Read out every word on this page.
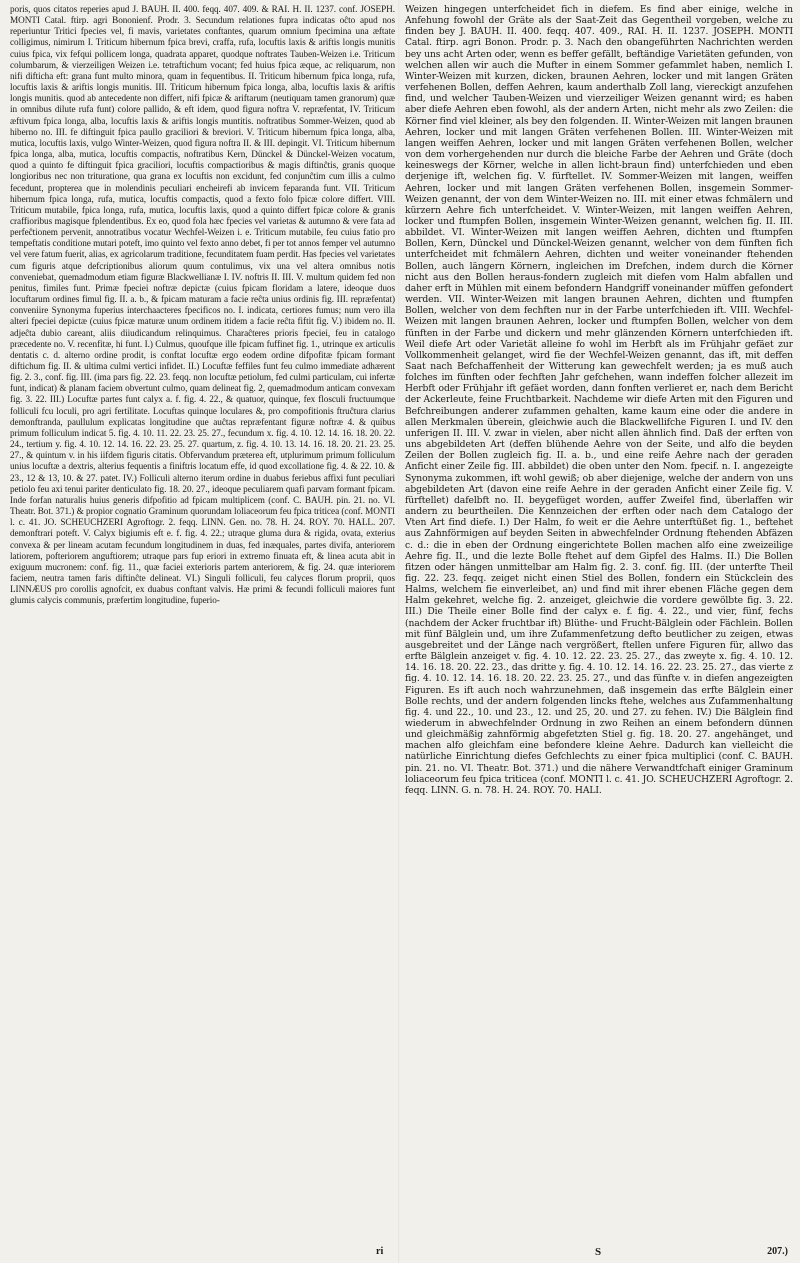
poris, quos citatos reperies apud J. BAUH. II. 400. feqq. 407. 409. & RAI. H. II. 1237. conf. JOSEPH. MONTI Catal. ftirp. agri Bononienf. Prodr. 3. Secundum relationes fupra indicatas oĉto apud nos reperiuntur Tritici fpecies vel, fi mavis, varietates conftantes, quarum omnium fpecimina una æftate colligimus, nimirum I. Triticum hibernum fpica brevi, craffa, rufa, locuftis laxis & ariftis longis munitis cuius fpica, vix fefqui pollicem longa, quadrata apparet, quodque noftrates Tauben-Weizen i.e. Triticum columbarum, & vierzeiligen Weizen i.e. tetraftichum vocant; fed huius fpica æque, ac reliquarum, non nifi difticha eft: grana funt multo minora, quam in fequentibus. II. Triticum hibernum fpica longa, rufa, locuftis laxis & ariftis longis munitis. III. Triticum hibernum fpica longa, alba, locuftis laxis & ariftis longis munitis. quod ab antecedente non differt, nifi fpicæ & ariftarum (neutiquam tamen granorum) quæ in omnibus dilute rufa funt) colore pallido, & eft idem, quod figura noftra V. repræfentat, IV. Triticum æftivum fpica longa, alba, locuftis laxis & ariftis longis muntitis. noftratibus Sommer-Weizen, quod ab hiberno no. III. fe diftinguit fpica paullo graciliori & breviori. V. Triticum hibernum fpica longa, alba, mutica, locuftis laxis, vulgo Winter-Weizen, quod figura noftra II. & III. depingit. VI. Triticum hibernum fpica longa, alba, mutica, locuftis compactis, noftratibus Kern, Dünckel & Dünckel-Weizen vocatum, quod a quinto fe diftinguit fpica graciliori, locuftis compactioribus & magis diftinĉtis, granis quoque longioribus nec non trituratione, qua grana ex locuftis non excidunt, fed conjunĉtim cum illis a culmo fecedunt, propterea que in molendinis peculiari encheirefi ab invicem feparanda funt. VII. Triticum hibernum fpica longa, rufa, mutica, locuftis compactis, quod a fexto folo fpicæ colore differt. VIII. Triticum mutabile, fpica longa, rufa, mutica, locuftis laxis, quod a quinto differt fpicæ colore & granis craffioribus magisque fplendentibus. Ex eo, quod fola hæc fpecies vel varietas & autumno & vere fata ad perfeĉtionem pervenit, annotratibus vocatur Wechfel-Weizen i. e. Triticum mutabile, feu cuius fatio pro tempeftatis conditione mutari poteft, imo quinto vel fexto anno debet, fi per tot annos femper vel autumno vel vere fatum fuerit, alias, ex agricolarum traditione, fecunditatem fuam perdit. Has fpecies vel varietates cum figuris atque defcriptionibus aliorum quum contulimus, vix una vel altera omnibus notis conveniebat, quemadmodum etiam figuræ Blackwellianæ I. IV. noftris II. III. V. multum quidem fed non penitus, fimiles funt. Primæ fpeciei noftræ depictæ (cuius fpicam floridam a latere, ideoque duos locuftarum ordines fimul fig. II. a. b., & fpicam maturam a facie reĉta unius ordinis fig. III. repræfentat) conveniire Synonyma fuperius interchaacteres fpecificos no. I. indicata, certiores fumus; num vero illa alteri fpeciei depictæ (cuius fpicæ maturæ unum ordinem itidem a facie reĉta fiftit fig. V.) ibidem no. II. adjeĉta dubio careant, aliis diiudicandum relinquimus. Charaĉteres prioris fpeciei, feu in catalogo præcedente no. V. recenfitæ, hi funt. I.) Culmus, quoufque ille fpicam fuffinet fig. 1., utrinque ex articulis dentatis c. d. alterno ordine prodit, is conftat locuftæ ergo eodem ordine difpofitæ fpicam formant diftichum fig. II. & ultima culmi vertici infidet. II.) Locuftæ feffiles funt feu culmo immediate adhærent fig. 2. 3., conf. fig. III. (ima pars fig. 22. 23. feqq. non locuftæ petiolum, fed culmi particulam, cui infertæ funt, indicat) & planam faciem obvertunt culmo, quam delineat fig. 2, quemadmodum anticam convexam fig. 3. 22. III.) Locuftæ partes funt calyx a. f. fig. 4. 22., & quatuor, quinque, fex flosculi fructuumque folliculi fcu loculi, pro agri fertilitate. Locuftas quinque loculares &, pro compofitionis ftruĉtura clarius demonftranda, paullulum explicatas longitudine que auĉtas repræfentant figuræ noftræ 4. & quibus primum folliculum indicat 5. fig. 4. 10. 11. 22. 23. 25. 27., fecundum x. fig. 4. 10. 12. 14. 16. 18. 20. 22. 24., tertium y. fig. 4. 10. 12. 14. 16. 22. 23. 25. 27. quartum, z. fig. 4. 10. 13. 14. 16. 18. 20. 21. 23. 25. 27., & quintum v. in his iifdem figuris citatis. Obfervandum præterea eft, utplurimum primum folliculum unius locuftæ a dextris, alterius fequentis a finiftris locatum effe, id quod excollatione fig. 4. & 22. 10. & 23., 12 & 13, 10. & 27. patet. IV.) Folliculi alterno iterum ordine in duabus feriebus affixi funt peculiari petiolo feu axi tenui pariter denticulato fig. 18. 20. 27., ideoque peculiarem quafi parvam formant fpicam. Inde forfan naturalis huius generis difpofitio ad fpicam multiplicem (conf. C. BAUH. pin. 21. no. VI. Theatr. Bot. 371.) & propior cognatio Graminum quorundam loliaceorum feu fpica triticea (conf. MONTI l. c. 41. JO. SCHEUCHZERI Agroftogr. 2. feqq. LINN. Gen. no. 78. H. 24. ROY. 70. HALL. 207. demonftrari poteft. V. Calyx bigiumis eft e. f. fig. 4. 22.; utraque gluma dura & rigida, ovata, exterius convexa & per lineam acutam fecundum longitudinem in duas, fed inæquales, partes divifa, anteriorem latiorem, pofteriorem anguftiorem; utraque pars fup eriori in extremo finuata eft, & linea acuta abit in exiguum mucronem: conf. fig. 11., quæ faciei exterioris partem anteriorem, & fig. 24. quæ interiorem faciem, neutra tamen faris diftinĉte delineat. VI.) Singuli folliculi, feu calyces florum proprii, quos LINNÆUS pro corollis agnofcit, ex duabus conftant valvis. Hæ primi & fecundi folliculi maiores funt glumis calycis communis, præfertim longitudine, fuperio-

Weizen hingegen unterfcheidet fich in diefem. Es find aber einige, welche in Anfehung fowohl der Gräte als der Saat-Zeit das Gegentheil vorgeben, welche zu finden bey J. BAUH. II. 400. feqq. 407. 409., RAI. H. II. 1237. JOSEPH. MONTI Catal. ftirp. agri Bonon. Prodr. p. 3. Nach den obangeführten Nachrichten werden bey uns acht Arten oder, wenn es beffer gefällt, beftändige Varietäten gefunden, von welchen allen wir auch die Mufter in einem Sommer gefammlet haben, nemlich I. Winter-Weizen mit kurzen, dicken, braunen Aehren, locker und mit langen Gräten verfehenen Bollen, deffen Aehren, kaum anderthalb Zoll lang, viereckigt anzufehen find, und welcher Tauben-Weizen und vierzeiliger Weizen genannt wird; es haben aber diefe Aehren eben fowohl, als der andern Arten, nicht mehr als zwo Zeilen: die Körner find viel kleiner, als bey den folgenden. II. Winter-Weizen mit langen braunen Aehren, locker und mit langen Gräten verfehenen Bollen. III. Winter-Weizen mit langen weiffen Aehren, locker und mit langen Gräten verfehenen Bollen, welcher von dem vorhergehenden nur durch die bleiche Farbe der Aehren und Gräte (doch keineswegs der Körner, welche in allen licht-braun find) unterfchieden und eben derjenige ift, welchen fig. V. fürftellet. IV. Sommer-Weizen mit langen, weiffen Aehren, locker und mit langen Gräten verfehenen Bollen, insgemein Sommer-Weizen genannt, der von dem Winter-Weizen no. III. mit einer etwas fchmälern und kürzern Aehre fich unterfcheidet. V. Winter-Weizen, mit langen weiffen Aehren, locker und ftumpfen Bollen, insgemein Winter-Weizen genannt, welchen fig. II. III. abbildet. VI. Winter-Weizen mit langen weiffen Aehren, dichten und ftumpfen Bollen, Kern, Dünckel und Dünckel-Weizen genannt, welcher von dem fünften fich unterfcheidet mit fchmälern Aehren, dichten und weiter voneinander ftehenden Bollen, auch längern Körnern, ingleichen im Drefchen, indem durch die Körner nicht aus den Bollen heraus-fondern zugleich mit diefen vom Halm abfallen und daher erft in Mühlen mit einem befondern Handgriff voneinander müffen gefondert werden. VII. Winter-Weizen mit langen braunen Aehren, dichten und ftumpfen Bollen, welcher von dem fechften nur in der Farbe unterfchieden ift. VIII. Wechfel-Weizen mit langen braunen Aehren, locker und ftumpfen Bollen, welcher von dem fünften in der Farbe und dickern und mehr glänzenden Körnern unterfchieden ift. Weil diefe Art oder Varietät alleine fo wohl im Herbft als im Frühjahr gefäet zur Vollkommenheit gelanget, wird fie der Wechfel-Weizen genannt, das ift, mit deffen Saat nach Befchaffenheit der Witterung kan gewechfelt werden; ja es muß auch folches im fünften oder fechften Jahr gefchehen, wann indeffen folcher allezeit im Herbft oder Frühjahr ift gefäet worden, dann fonften verlieret er, nach dem Bericht der Ackerleute, feine Fruchtbarkeit. Nachdeme wir diefe Arten mit den Figuren und Befchreibungen anderer zufammen gehalten, kame kaum eine oder die andere in allen Merkmalen überein, gleichwie auch die Blackwellifche Figuren I. und IV. den unferigen II. III. V. zwar in vielen, aber nicht allen ähnlich find. Daß der erften von uns abgebildeten Art (deffen blühende Aehre von der Seite, und alfo die beyden Zeilen der Bollen zugleich fig. II. a. b., und eine reife Aehre nach der geraden Anficht einer Zeile fig. III. abbildet) die oben unter den Nom. fpecif. n. I. angezeigte Synonyma zukommen, ift wohl gewiß; ob aber diejenige, welche der andern von uns abgebildeten Art (davon eine reife Aehre in der geraden Anficht einer Zeile fig. V. fürftellet) dafelbft no. II. beygefüget worden, auffer Zweifel find, überlaffen wir andern zu beurtheilen. Die Kennzeichen der erften oder nach dem Catalogo der Vten Art find diefe. I.) Der Halm, fo weit er die Aehre unterftüßet fig. 1., beftehet aus Zahnförmigen auf beyden Seiten in abwechfelnder Ordnung ftehenden Abfäzen c. d.: die in eben der Ordnung eingerichtete Bollen machen alfo eine zweizeilige Aehre fig. II., und die lezte Bolle ftehet auf dem Gipfel des Halms. II.) Die Bollen fitzen oder hängen unmittelbar am Halm fig. 2. 3. conf. fig. III. (der unterfte Theil fig. 22. 23. feqq. zeiget nicht einen Stiel des Bollen, fondern ein Stückclein des Halms, welchem fie einverleibet, an) und find mit ihrer ebenen Fläche gegen dem Halm gekehret, welche fig. 2. anzeiget, gleichwie die vordere gewölbte fig. 3. 22. III.) Die Theile einer Bolle find der calyx e. f. fig. 4. 22., und vier, fünf, fechs (nachdem der Acker fruchtbar ift) Blüthe- und Frucht-Bälglein oder Fächlein. Bollen mit fünf Bälglein und, um ihre Zufammenfetzung defto beutlicher zu zeigen, etwas ausgebreitet und der Länge nach vergrößert, ftellen unfere Figuren für, allwo das erfte Bälglein anzeiget v. fig. 4. 10. 12. 22. 23. 25. 27., das zweyte x. fig. 4. 10. 12. 14. 16. 18. 20. 22. 23., das dritte y. fig. 4. 10. 12. 14. 16. 22. 23. 25. 27., das vierte z fig. 4. 10. 12. 14. 16. 18. 20. 22. 23. 25. 27., und das fünfte v. in diefen angezeigten Figuren. Es ift auch noch wahrzunehmen, daß insgemein das erfte Bälglein einer Bolle rechts, und der andern folgenden lincks ftehe, welches aus Zufammenhaltung fig. 4. und 22., 10. und 23., 12. und 25, 20. und 27. zu fehen. IV.) Die Bälglein find wiederum in abwechfelnder Ordnung in zwo Reihen an einem befondern dünnen und gleichmäßig zahnförmig abgefetzten Stiel g. fig. 18. 20. 27. angehänget, und machen alfo gleichfam eine befondere kleine Aehre. Dadurch kan vielleicht die natürliche Einrichtung diefes Gefchlechts zu einer fpica multiplici (conf. C. BAUH. pin. 21. no. VI. Theatr. Bot. 371.) und die nähere Verwandtfchaft einiger Graminum loliaceorum feu fpica triticea (conf. MONTI l. c. 41. JO. SCHEUCHZERI Agroftogr. 2. feqq. LINN. G. n. 78. H. 24. ROY. 70. HALI.

ri	S	207.)
